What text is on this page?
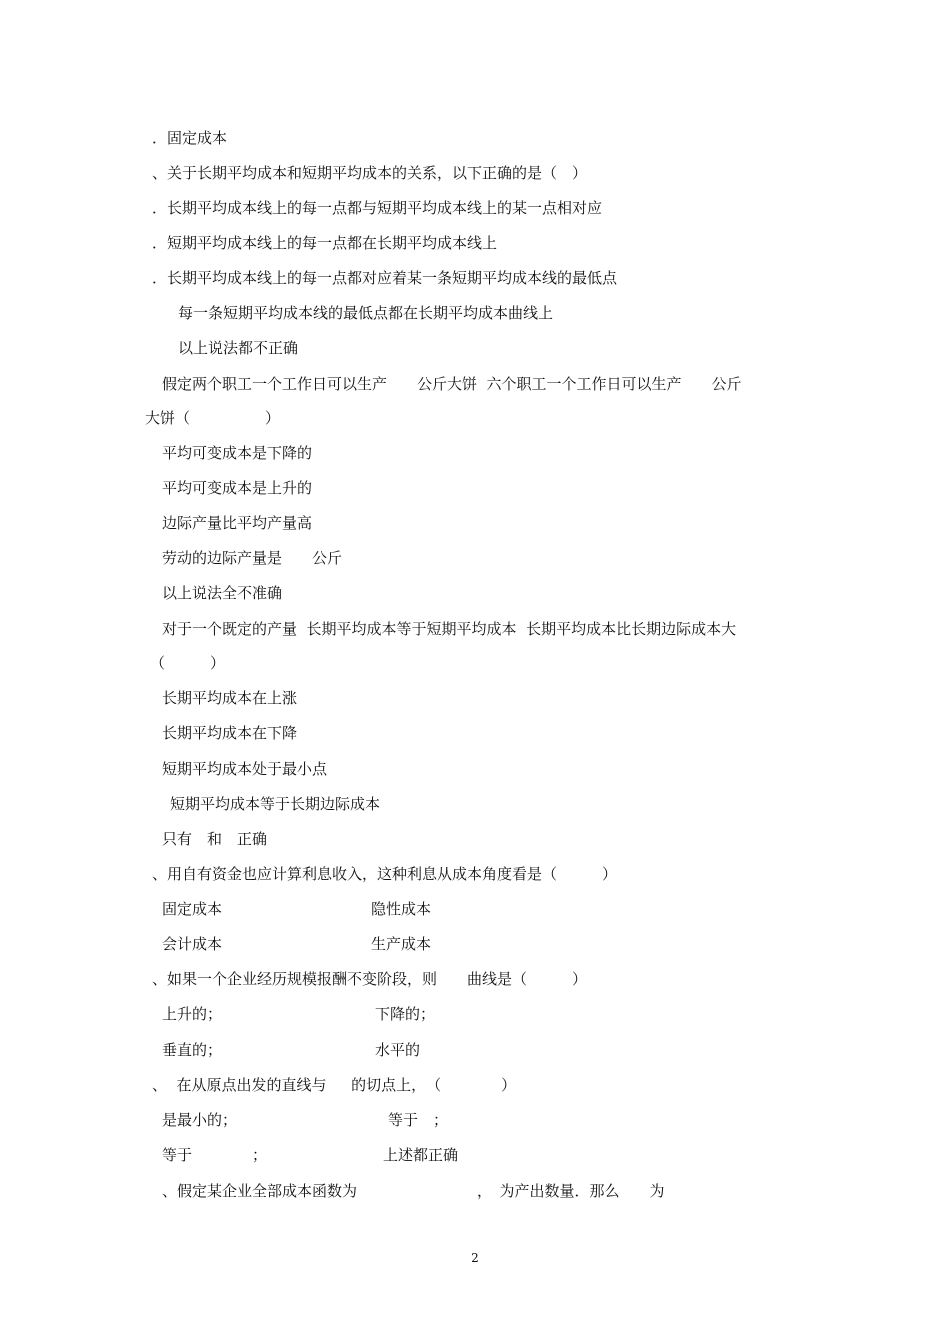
．固定成本
、关于长期平均成本和短期平均成本的关系，以下正确的是（　）
．长期平均成本线上的每一点都与短期平均成本线上的某一点相对应
．短期平均成本线上的每一点都在长期平均成本线上
．长期平均成本线上的每一点都对应着某一条短期平均成本线的最低点
每一条短期平均成本线的最低点都在长期平均成本曲线上
以上说法都不正确
假定两个职工一个工作日可以生产　　公斤大饼  六个职工一个工作日可以生产　　公斤
大饼（　　　　　）
平均可变成本是下降的
平均可变成本是上升的
边际产量比平均产量高
劳动的边际产量是　　公斤
以上说法全不准确
对于一个既定的产量  长期平均成本等于短期平均成本  长期平均成本比长期边际成本大
（　　　）
长期平均成本在上涨
长期平均成本在下降
短期平均成本处于最小点
短期平均成本等于长期边际成本
只有　和　正确
、用自有资金也应计算利息收入，这种利息从成本角度看是（　　　）
固定成本	隐性成本
会计成本	生产成本
、如果一个企业经历规模报酬不变阶段，则　　曲线是（　　　）
上升的；	下降的；
垂直的；	水平的
、  在从原点出发的直线与　  的切点上，　（　　　　）
是最小的；	等于　；
等于　　　　；	上述都正确
、假定某企业全部成本函数为　　　　　　　　，　为产出数量．那么　　为
2
